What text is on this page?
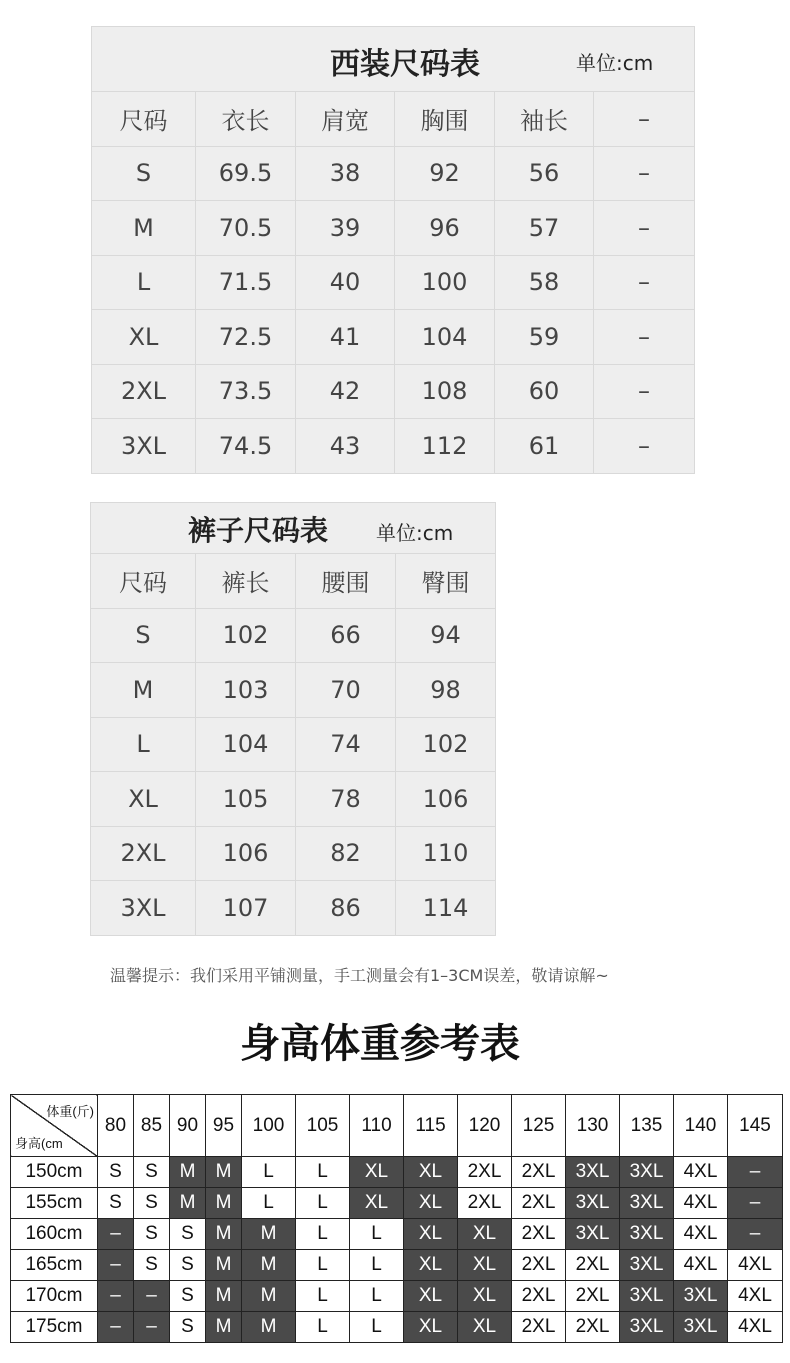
西装尺码表 单位:cm					

尺码	衣长	肩宽	胸围	袖长	–
S	69.5	38	92	56	–
M	70.5	39	96	57	–
L	71.5	40	100	58	–
XL	72.5	41	104	59	–
2XL	73.5	42	108	60	–
3XL	74.5	43	112	61	–
裤子尺码表 单位:cm			

尺码	裤长	腰围	臀围
S	102	66	94
M	103	70	98
L	104	74	102
XL	105	78	106
2XL	106	82	110
3XL	107	86	114
温馨提示：我们采用平铺测量，手工测量会有1–3CM误差，敬请谅解~
身高体重参考表
体重(斤)
身高(cm	80	85	90	95	100	105	110	115	120	125	130	135	140	145
150cm	S	S	M	M	L	L	XL	XL	2XL	2XL	3XL	3XL	4XL	–
155cm	S	S	M	M	L	L	XL	XL	2XL	2XL	3XL	3XL	4XL	–
160cm	–	S	S	M	M	L	L	XL	XL	2XL	3XL	3XL	4XL	–
165cm	–	S	S	M	M	L	L	XL	XL	2XL	2XL	3XL	4XL	4XL
170cm	–	–	S	M	M	L	L	XL	XL	2XL	2XL	3XL	3XL	4XL
175cm	–	–	S	M	M	L	L	XL	XL	2XL	2XL	3XL	3XL	4XL
